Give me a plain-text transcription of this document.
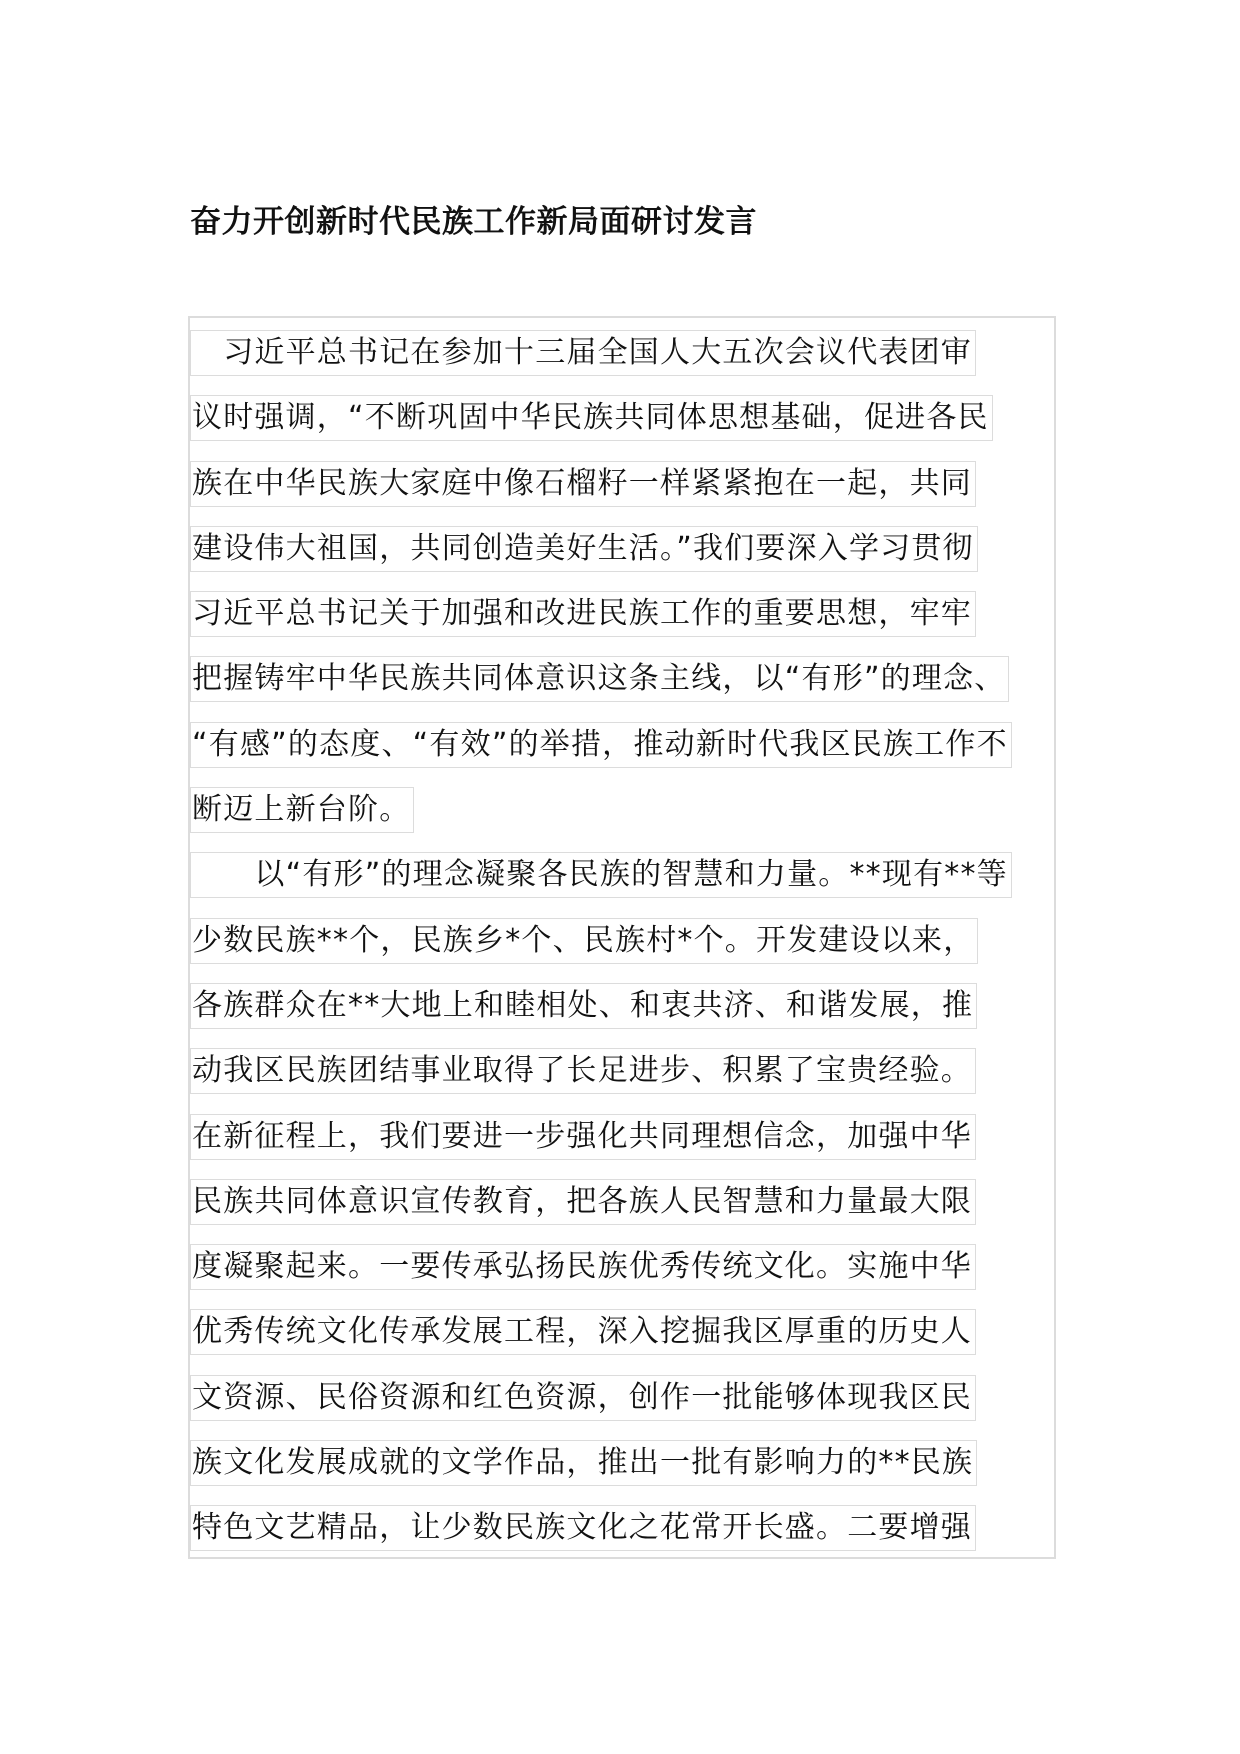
奋力开创新时代民族工作新局面研讨发言
　习近平总书记在参加十三届全国人大五次会议代表团审
议时强调，“不断巩固中华民族共同体思想基础，促进各民
族在中华民族大家庭中像石榴籽一样紧紧抱在一起，共同
建设伟大祖国，共同创造美好生活。”我们要深入学习贯彻
习近平总书记关于加强和改进民族工作的重要思想，牢牢
把握铸牢中华民族共同体意识这条主线，以“有形”的理念、
“有感”的态度、“有效”的举措，推动新时代我区民族工作不
断迈上新台阶。
　　以“有形”的理念凝聚各民族的智慧和力量。**现有**等
少数民族**个，民族乡*个、民族村*个。开发建设以来，
各族群众在**大地上和睦相处、和衷共济、和谐发展，推
动我区民族团结事业取得了长足进步、积累了宝贵经验。
在新征程上，我们要进一步强化共同理想信念，加强中华
民族共同体意识宣传教育，把各族人民智慧和力量最大限
度凝聚起来。一要传承弘扬民族优秀传统文化。实施中华
优秀传统文化传承发展工程，深入挖掘我区厚重的历史人
文资源、民俗资源和红色资源，创作一批能够体现我区民
族文化发展成就的文学作品，推出一批有影响力的**民族
特色文艺精品，让少数民族文化之花常开长盛。二要增强
